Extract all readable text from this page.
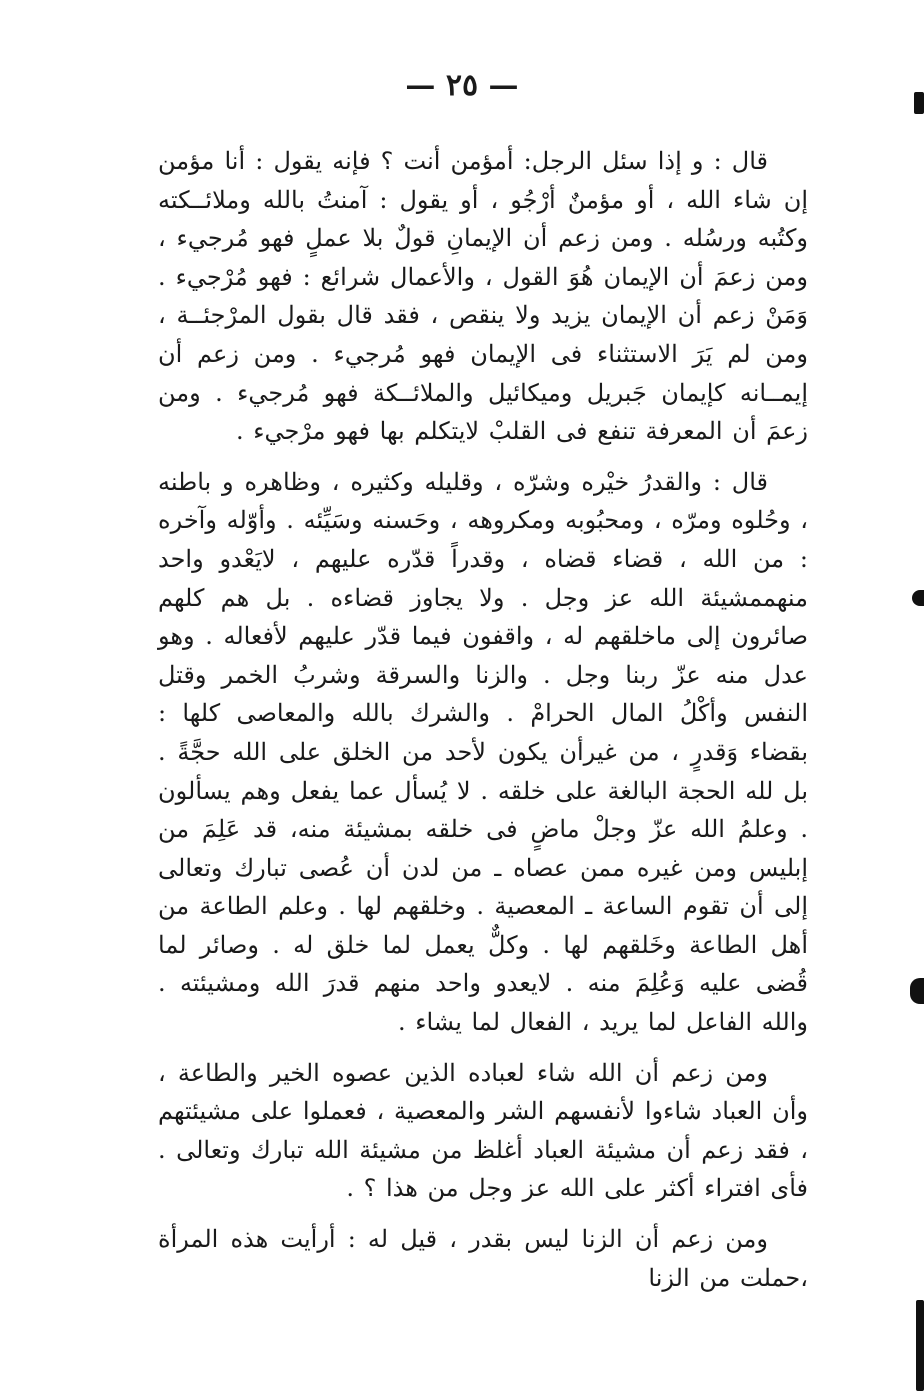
— ٢٥ —

قال : و إذا سئل الرجل: أمؤمن أنت ؟ فإنه يقول : أنا مؤمن إن شاء الله ، أو مؤمنٌ أرْجُو ، أو يقول : آمنتُ بالله وملائــكته وكتُبه ورسُله . ومن زعم أن الإيمانِ قولٌ بلا عملٍ فهو مُرجيء ، ومن زعمَ أن الإيمان هُوَ القول ، والأعمال شرائع : فهو مُرْجيء . وَمَنْ زعم أن الإيمان يزيد ولا ينقص ، فقد قال بقول المرْجئــة ، ومن لم يَرَ الاستثناء فى الإيمان فهو مُرجيء . ومن زعم أن إيمــانه كإيمان جَبريل وميكائيل والملائــكة فهو مُرجيء . ومن زعمَ أن المعرفة تنفع فى القلبْ لايتكلم بها فهو مرْجيء .

قال : والقدرُ خيْره وشرّه ، وقليله وكثيره ، وظاهره و باطنه ، وحُلوه ومرّه ، ومحبُوبه ومكروهه ، وحَسنه وسَيِّئه . وأوّله وآخره : من الله ، قضاء قضاه ، وقدراً قدّره عليهم ، لايَعْدو واحد منهممشيئة الله عز وجل . ولا يجاوز قضاءه . بل هم كلهم صائرون إلى ماخلقهم له ، واقفون فيما قدّر عليهم لأفعاله . وهو عدل منه عزّ ربنا وجل . والزنا والسرقة وشربُ الخمر وقتل النفس وأكْلُ المال الحرامْ . والشرك بالله والمعاصى كلها : بقضاء وَقدرٍ ، من غيرأن يكون لأحد من الخلق على الله حجَّةً . بل لله الحجة البالغة على خلقه . لا يُسأل عما يفعل وهم يسألون . وعلمُ الله عزّ وجلْ ماضٍ فى خلقه بمشيئة منه، قد عَلِمَ من إبليس ومن غيره ممن عصاه ـ من لدن أن عُصى تبارك وتعالى إلى أن تقوم الساعة ـ المعصية . وخلقهم لها . وعلم الطاعة من أهل الطاعة وخَلقهم لها . وكلٌّ يعمل لما خلق له . وصائر لما قُضى عليه وَعُلِمَ منه . لايعدو واحد منهم قدرَ الله ومشيئته . والله الفاعل لما يريد ، الفعال لما يشاء .

ومن زعم أن الله شاء لعباده الذين عصوه الخير والطاعة ، وأن العباد شاءوا لأنفسهم الشر والمعصية ، فعملوا على مشيئتهم ، فقد زعم أن مشيئة العباد أغلظ من مشيئة الله تبارك وتعالى . فأى افتراء أكثر على الله عز وجل من هذا ؟ .

ومن زعم أن الزنا ليس بقدر ، قيل له : أرأيت هذه المرأة ،حملت من الزنا
